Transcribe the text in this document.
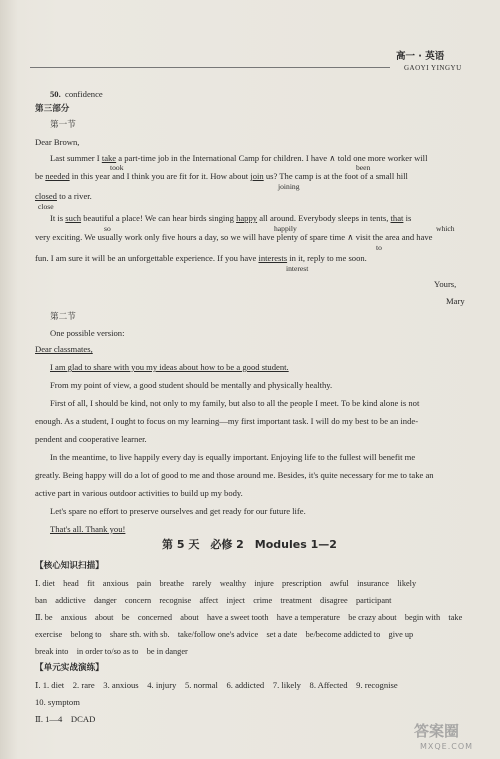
高一 · 英语
GAOYI YINGYU
50. confidence
第三部分
第一节
Dear Brown,
Last summer I take a part-time job in the International Camp for children. I have ∧ told one more worker will
been
took
be needed in this year and I think you are fit for it. How about join us? The camp is at the foot of a small hill
joining
closed to a river.
close
It is such beautiful a place! We can hear birds singing happy all around. Everybody sleeps in tents, that is
so	happily	which
very exciting. We usually work only five hours a day, so we will have plenty of spare time ∧ visit the area and have
to
fun. I am sure it will be an unforgettable experience. If you have interests in it, reply to me soon.
interest
Yours,
Mary
第二节
One possible version:
Dear classmates,
I am glad to share with you my ideas about how to be a good student.
From my point of view, a good student should be mentally and physically healthy.
First of all, I should be kind, not only to my family, but also to all the people I meet. To be kind alone is not
enough. As a student, I ought to focus on my learning—my first important task. I will do my best to be an inde-
pendent and cooperative learner.
In the meantime, to live happily every day is equally important. Enjoying life to the fullest will benefit me
greatly. Being happy will do a lot of good to me and those around me. Besides, it's quite necessary for me to take an
active part in various outdoor activities to build up my body.
Let's spare no effort to preserve ourselves and get ready for our future life.
That's all. Thank you!
第 5 天　必修 2　Modules 1—2
【核心知识扫描】
Ⅰ. diet　head　fit　anxious　pain　breathe　rarely　wealthy　injure　prescription　awful　insurance　likely
ban　addictive　danger　concern　recognise　affect　inject　crime　treatment　disagree　participant
Ⅱ. be　anxious　about　be　concerned　about　have a sweet tooth　have a temperature　be crazy about　begin with　take
exercise　belong to　share sth. with sb.　take/follow one's advice　set a date　be/become addicted to　give up
break into　in order to/so as to　be in danger
【单元实战演练】
Ⅰ. 1. diet　2. rare　3. anxious　4. injury　5. normal　6. addicted　7. likely　8. Affected　9. recognise
10. symptom
Ⅱ. 1—4　DCAD
答案圈
MXQE.COM
